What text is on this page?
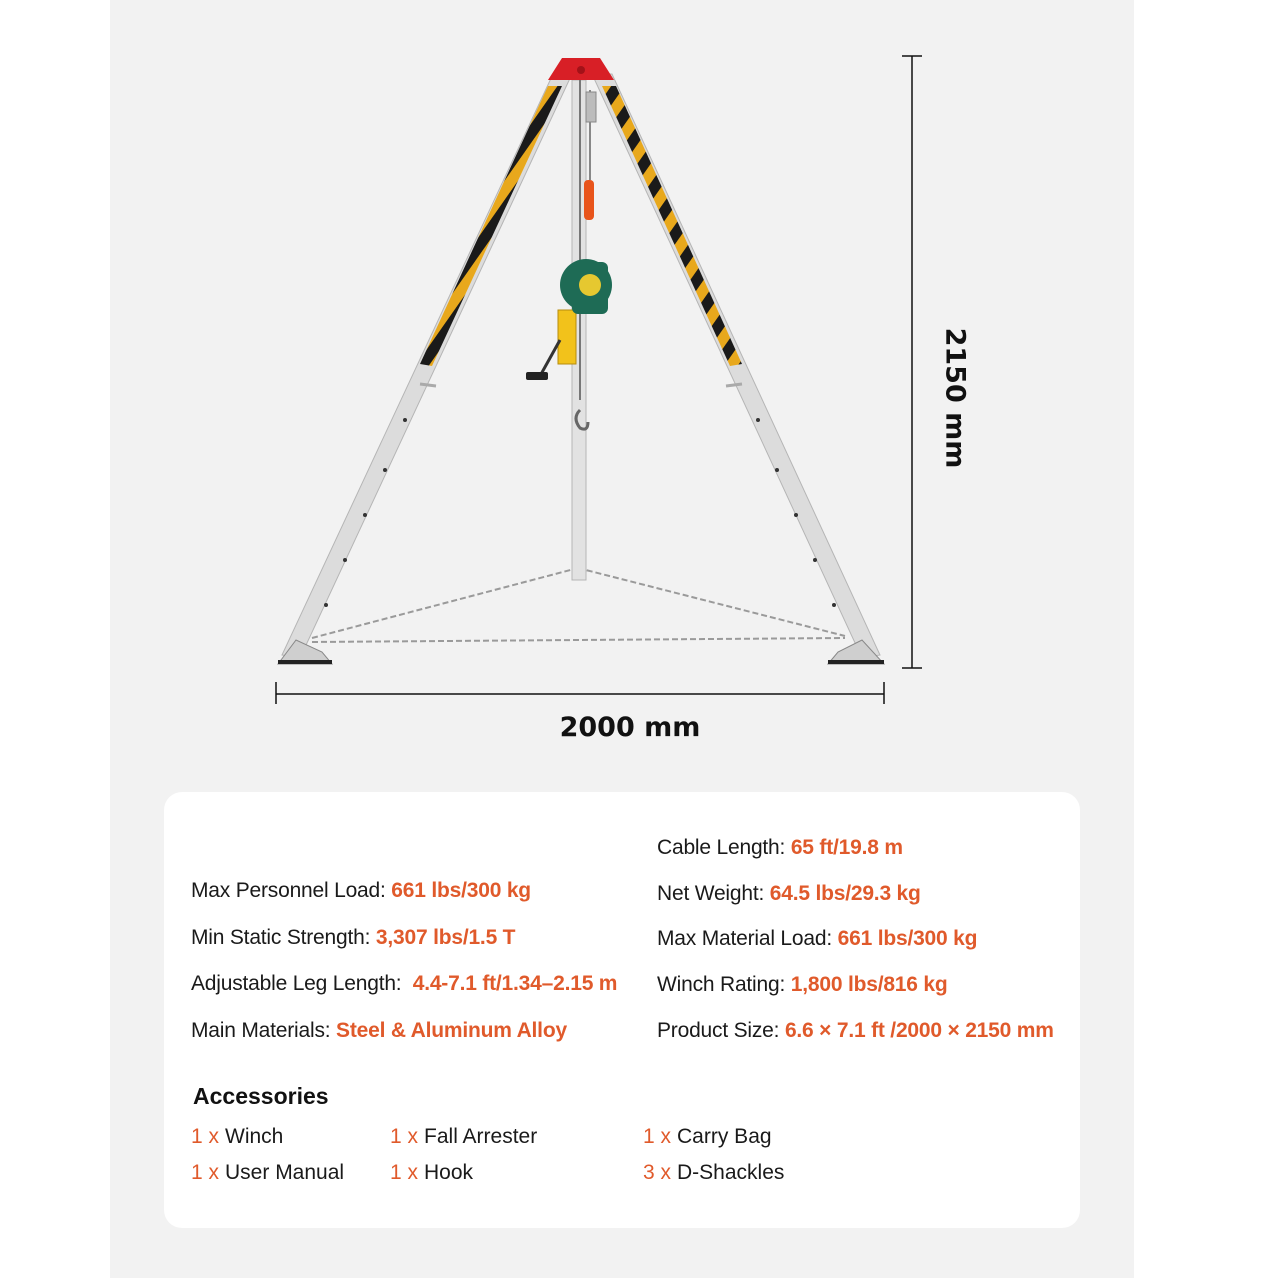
2000 mm
2150 mm
Max Personnel Load: 661 lbs/300 kg
Min Static Strength: 3,307 lbs/1.5 T
Adjustable Leg Length:  4.4-7.1 ft/1.34–2.15 m
Main Materials: Steel & Aluminum Alloy
Cable Length: 65 ft/19.8 m
Net Weight: 64.5 lbs/29.3 kg
Max Material Load: 661 lbs/300 kg
Winch Rating: 1,800 lbs/816 kg
Product Size: 6.6 × 7.1 ft /2000 × 2150 mm
Accessories
1 x Winch	1 x Fall Arrester	1 x Carry Bag
1 x User Manual 1 x Hook	3 x D-Shackles
